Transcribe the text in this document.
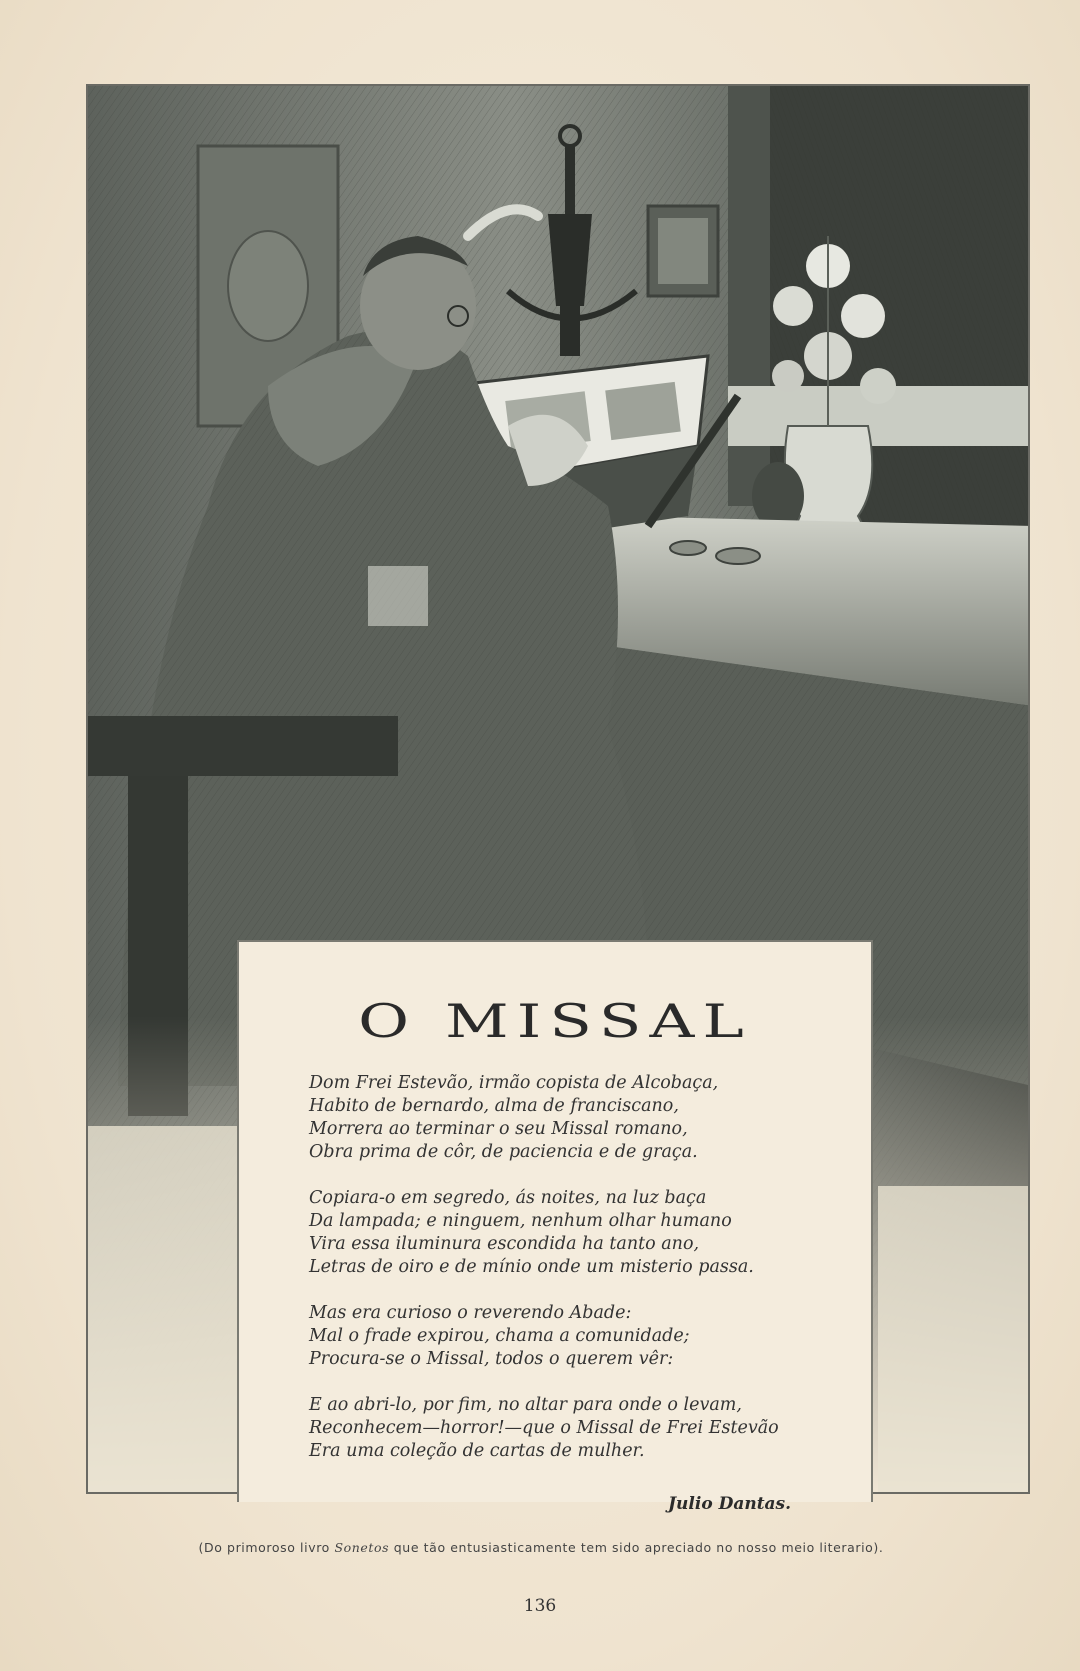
O MISSAL
Dom Frei Estevão, irmão copista de Alcobaça,
Habito de bernardo, alma de franciscano,
Morrera ao terminar o seu Missal romano,
Obra prima de côr, de paciencia e de graça.
Copiara-o em segredo, ás noites, na luz baça
Da lampada; e ninguem, nenhum olhar humano
Vira essa iluminura escondida ha tanto ano,
Letras de oiro e de mínio onde um misterio passa.
Mas era curioso o reverendo Abade:
Mal o frade expirou, chama a comunidade;
Procura-se o Missal, todos o querem vêr:
E ao abri-lo, por fim, no altar para onde o levam,
Reconhecem—horror!—que o Missal de Frei Estevão
Era uma coleção de cartas de mulher.
Julio Dantas.
(Do primoroso livro Sonetos que tão entusiasticamente tem sido apreciado no nosso meio literario).
136
